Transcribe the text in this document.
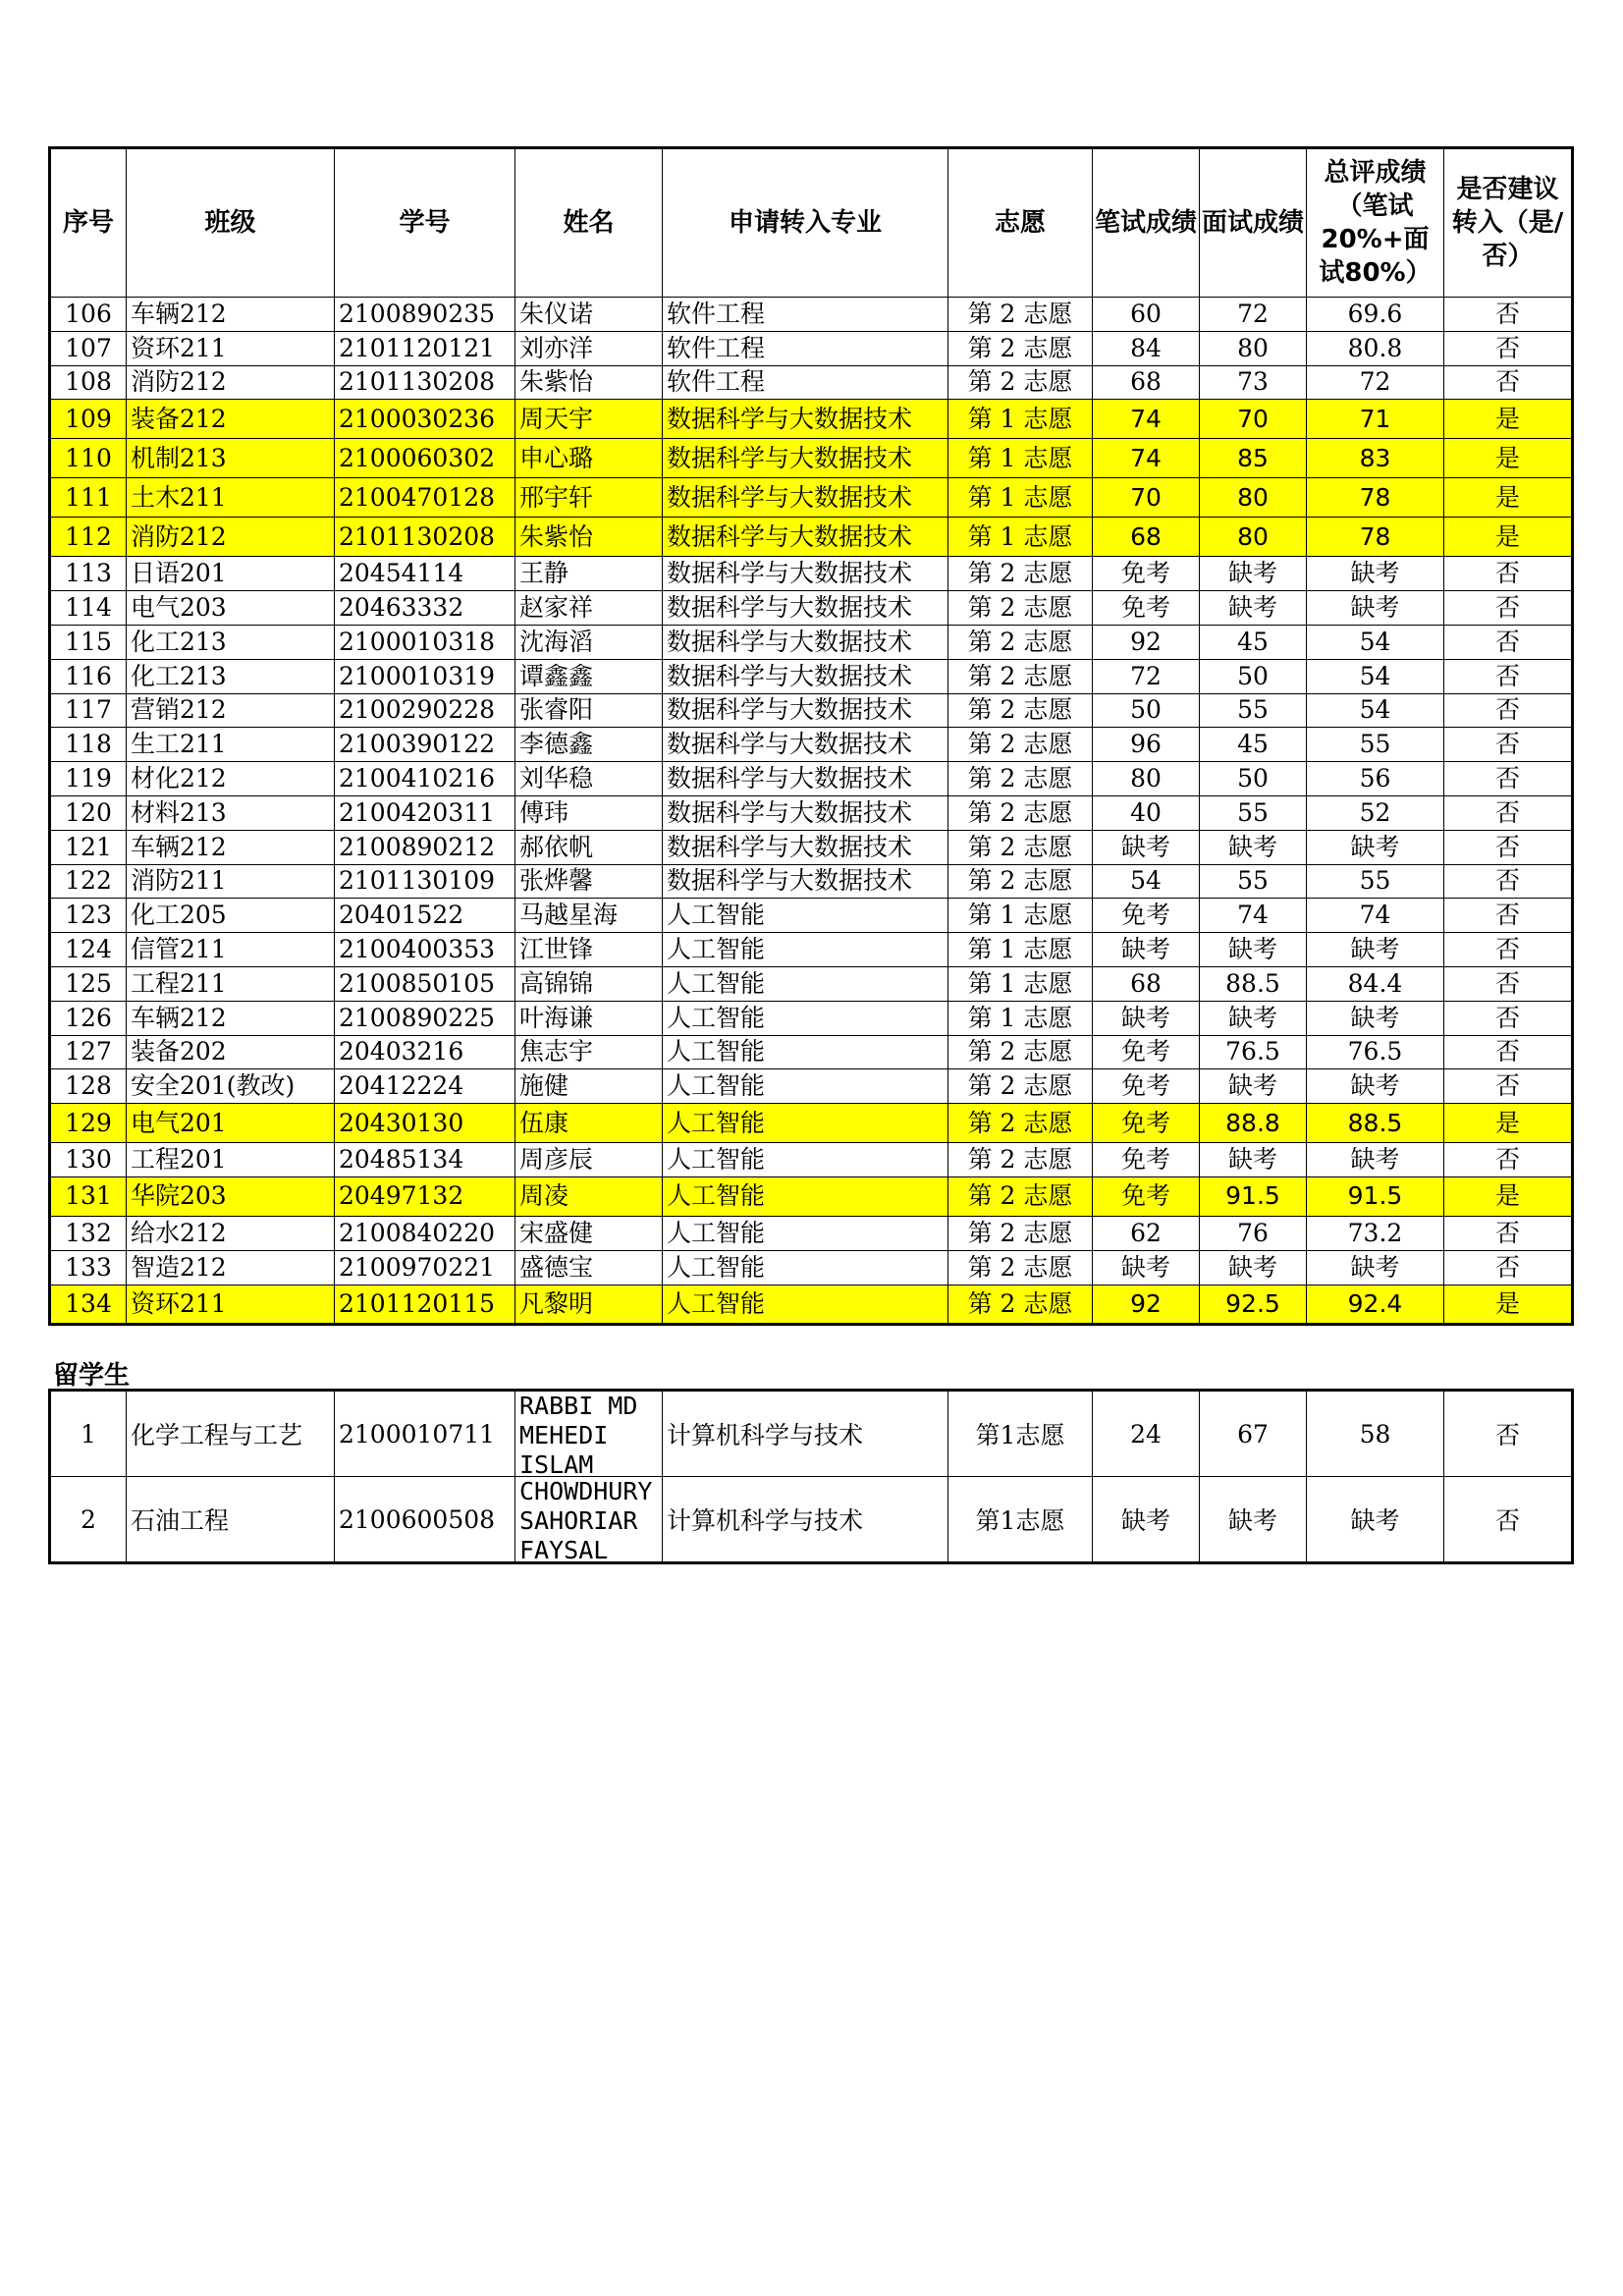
序号	班级	学号	姓名	申请转入专业	志愿	笔试成绩	面试成绩	总评成绩（笔试20%+面试80%）	是否建议转入（是/否）
106	车辆212	2100890235	朱仪诺	软件工程	第 2 志愿	60	72	69.6	否
107	资环211	2101120121	刘亦洋	软件工程	第 2 志愿	84	80	80.8	否
108	消防212	2101130208	朱紫怡	软件工程	第 2 志愿	68	73	72	否
109	装备212	2100030236	周天宇	数据科学与大数据技术	第 1 志愿	74	70	71	是
110	机制213	2100060302	申心璐	数据科学与大数据技术	第 1 志愿	74	85	83	是
111	土木211	2100470128	邢宇轩	数据科学与大数据技术	第 1 志愿	70	80	78	是
112	消防212	2101130208	朱紫怡	数据科学与大数据技术	第 1 志愿	68	80	78	是
113	日语201	20454114	王静	数据科学与大数据技术	第 2 志愿	免考	缺考	缺考	否
114	电气203	20463332	赵家祥	数据科学与大数据技术	第 2 志愿	免考	缺考	缺考	否
115	化工213	2100010318	沈海滔	数据科学与大数据技术	第 2 志愿	92	45	54	否
116	化工213	2100010319	谭鑫鑫	数据科学与大数据技术	第 2 志愿	72	50	54	否
117	营销212	2100290228	张睿阳	数据科学与大数据技术	第 2 志愿	50	55	54	否
118	生工211	2100390122	李德鑫	数据科学与大数据技术	第 2 志愿	96	45	55	否
119	材化212	2100410216	刘华稳	数据科学与大数据技术	第 2 志愿	80	50	56	否
120	材料213	2100420311	傅玮	数据科学与大数据技术	第 2 志愿	40	55	52	否
121	车辆212	2100890212	郝依帆	数据科学与大数据技术	第 2 志愿	缺考	缺考	缺考	否
122	消防211	2101130109	张烨馨	数据科学与大数据技术	第 2 志愿	54	55	55	否
123	化工205	20401522	马越星海	人工智能	第 1 志愿	免考	74	74	否
124	信管211	2100400353	江世锋	人工智能	第 1 志愿	缺考	缺考	缺考	否
125	工程211	2100850105	高锦锦	人工智能	第 1 志愿	68	88.5	84.4	否
126	车辆212	2100890225	叶海谦	人工智能	第 1 志愿	缺考	缺考	缺考	否
127	装备202	20403216	焦志宇	人工智能	第 2 志愿	免考	76.5	76.5	否
128	安全201(教改)	20412224	施健	人工智能	第 2 志愿	免考	缺考	缺考	否
129	电气201	20430130	伍康	人工智能	第 2 志愿	免考	88.8	88.5	是
130	工程201	20485134	周彦辰	人工智能	第 2 志愿	免考	缺考	缺考	否
131	华院203	20497132	周凌	人工智能	第 2 志愿	免考	91.5	91.5	是
132	给水212	2100840220	宋盛健	人工智能	第 2 志愿	62	76	73.2	否
133	智造212	2100970221	盛德宝	人工智能	第 2 志愿	缺考	缺考	缺考	否
134	资环211	2101120115	凡黎明	人工智能	第 2 志愿	92	92.5	92.4	是
留学生
1	化学工程与工艺	2100010711	RABBI MD MEHEDI ISLAM	计算机科学与技术	第1志愿	24	67	58	否
2	石油工程	2100600508	CHOWDHURY SAHORIAR FAYSAL	计算机科学与技术	第1志愿	缺考	缺考	缺考	否
